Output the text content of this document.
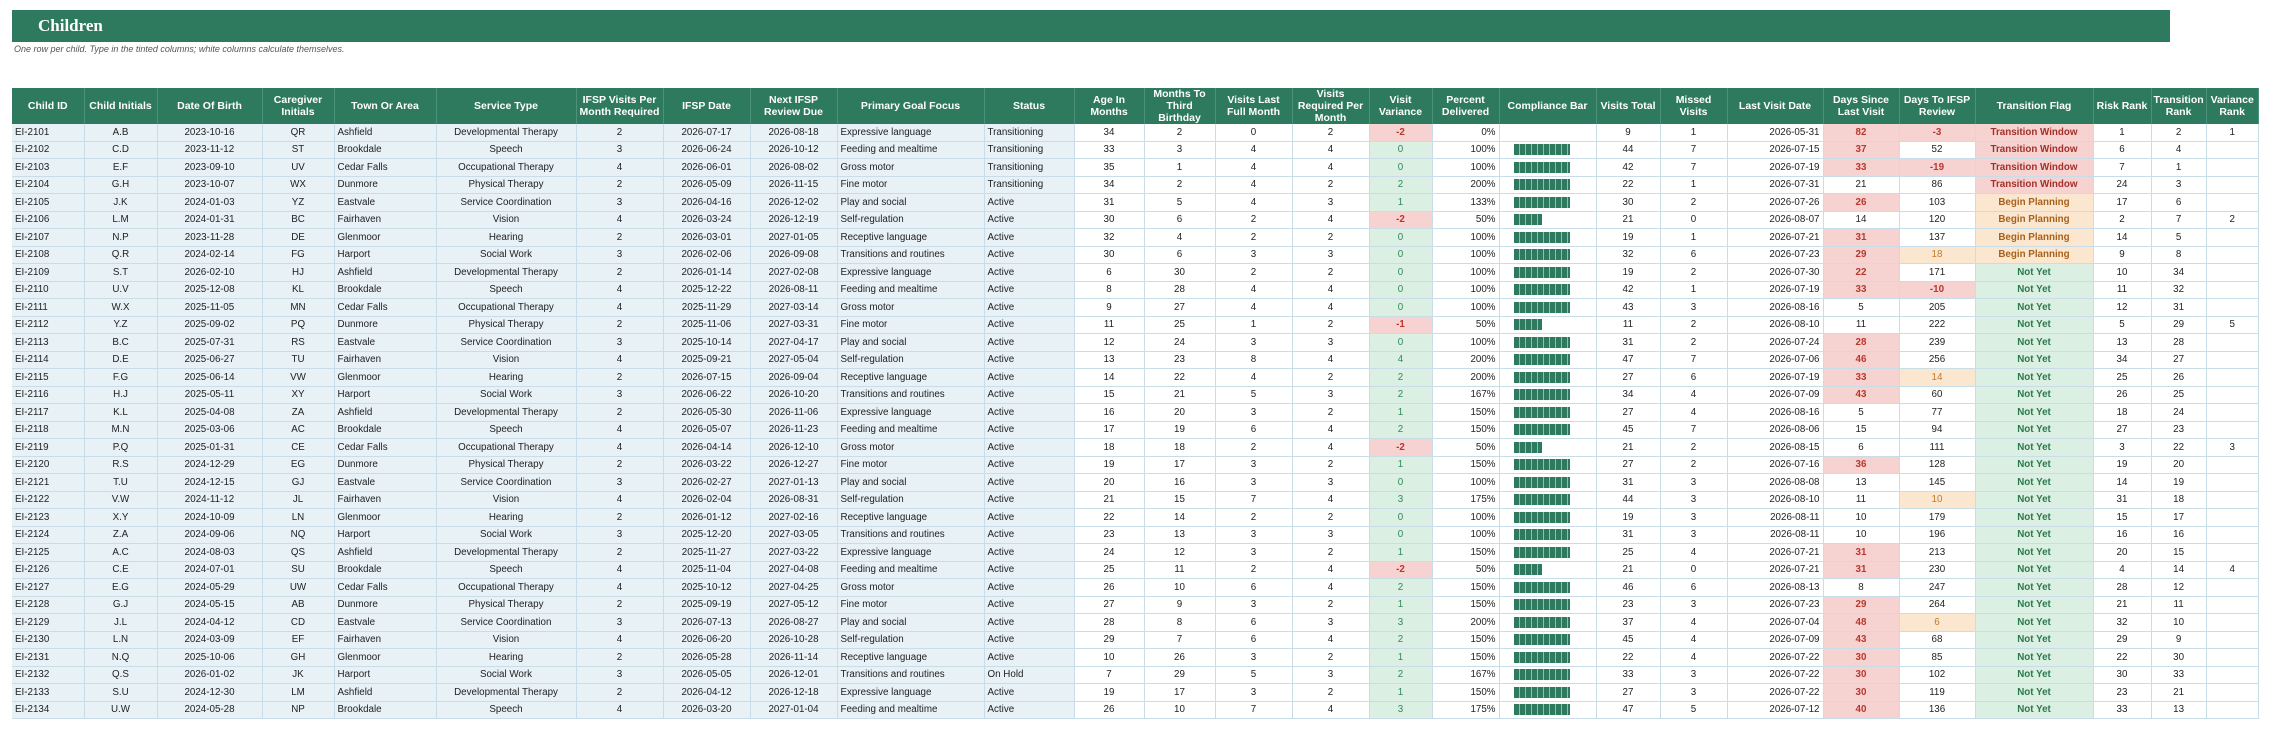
Children
One row per child. Type in the tinted columns; white columns calculate themselves.
Child ID	Child Initials	Date Of Birth	Caregiver Initials	Town Or Area	Service Type	IFSP Visits Per Month Required	IFSP Date	Next IFSP Review Due	Primary Goal Focus	Status	Age In Months	Months To Third Birthday	Visits Last Full Month	Visits Required Per Month	Visit Variance	Percent Delivered	Compliance Bar	Visits Total	Missed Visits	Last Visit Date	Days Since Last Visit	Days To IFSP Review	Transition Flag	Risk Rank	Transition Rank	Variance Rank
EI-2101	A.B	2023-10-16	QR	Ashfield	Developmental Therapy	2	2026-07-17	2026-08-18	Expressive language	Transitioning	34	2	0	2	-2	0%		9	1	2026-05-31	82	-3	Transition Window	1	2	1
EI-2102	C.D	2023-11-12	ST	Brookdale	Speech	3	2026-06-24	2026-10-12	Feeding and mealtime	Transitioning	33	3	4	4	0	100%		44	7	2026-07-15	37	52	Transition Window	6	4	
EI-2103	E.F	2023-09-10	UV	Cedar Falls	Occupational Therapy	4	2026-06-01	2026-08-02	Gross motor	Transitioning	35	1	4	4	0	100%		42	7	2026-07-19	33	-19	Transition Window	7	1	
EI-2104	G.H	2023-10-07	WX	Dunmore	Physical Therapy	2	2026-05-09	2026-11-15	Fine motor	Transitioning	34	2	4	2	2	200%		22	1	2026-07-31	21	86	Transition Window	24	3	
EI-2105	J.K	2024-01-03	YZ	Eastvale	Service Coordination	3	2026-04-16	2026-12-02	Play and social	Active	31	5	4	3	1	133%		30	2	2026-07-26	26	103	Begin Planning	17	6	
EI-2106	L.M	2024-01-31	BC	Fairhaven	Vision	4	2026-03-24	2026-12-19	Self-regulation	Active	30	6	2	4	-2	50%		21	0	2026-08-07	14	120	Begin Planning	2	7	2
EI-2107	N.P	2023-11-28	DE	Glenmoor	Hearing	2	2026-03-01	2027-01-05	Receptive language	Active	32	4	2	2	0	100%		19	1	2026-07-21	31	137	Begin Planning	14	5	
EI-2108	Q.R	2024-02-14	FG	Harport	Social Work	3	2026-02-06	2026-09-08	Transitions and routines	Active	30	6	3	3	0	100%		32	6	2026-07-23	29	18	Begin Planning	9	8	
EI-2109	S.T	2026-02-10	HJ	Ashfield	Developmental Therapy	2	2026-01-14	2027-02-08	Expressive language	Active	6	30	2	2	0	100%		19	2	2026-07-30	22	171	Not Yet	10	34	
EI-2110	U.V	2025-12-08	KL	Brookdale	Speech	4	2025-12-22	2026-08-11	Feeding and mealtime	Active	8	28	4	4	0	100%		42	1	2026-07-19	33	-10	Not Yet	11	32	
EI-2111	W.X	2025-11-05	MN	Cedar Falls	Occupational Therapy	4	2025-11-29	2027-03-14	Gross motor	Active	9	27	4	4	0	100%		43	3	2026-08-16	5	205	Not Yet	12	31	
EI-2112	Y.Z	2025-09-02	PQ	Dunmore	Physical Therapy	2	2025-11-06	2027-03-31	Fine motor	Active	11	25	1	2	-1	50%		11	2	2026-08-10	11	222	Not Yet	5	29	5
EI-2113	B.C	2025-07-31	RS	Eastvale	Service Coordination	3	2025-10-14	2027-04-17	Play and social	Active	12	24	3	3	0	100%		31	2	2026-07-24	28	239	Not Yet	13	28	
EI-2114	D.E	2025-06-27	TU	Fairhaven	Vision	4	2025-09-21	2027-05-04	Self-regulation	Active	13	23	8	4	4	200%		47	7	2026-07-06	46	256	Not Yet	34	27	
EI-2115	F.G	2025-06-14	VW	Glenmoor	Hearing	2	2026-07-15	2026-09-04	Receptive language	Active	14	22	4	2	2	200%		27	6	2026-07-19	33	14	Not Yet	25	26	
EI-2116	H.J	2025-05-11	XY	Harport	Social Work	3	2026-06-22	2026-10-20	Transitions and routines	Active	15	21	5	3	2	167%		34	4	2026-07-09	43	60	Not Yet	26	25	
EI-2117	K.L	2025-04-08	ZA	Ashfield	Developmental Therapy	2	2026-05-30	2026-11-06	Expressive language	Active	16	20	3	2	1	150%		27	4	2026-08-16	5	77	Not Yet	18	24	
EI-2118	M.N	2025-03-06	AC	Brookdale	Speech	4	2026-05-07	2026-11-23	Feeding and mealtime	Active	17	19	6	4	2	150%		45	7	2026-08-06	15	94	Not Yet	27	23	
EI-2119	P.Q	2025-01-31	CE	Cedar Falls	Occupational Therapy	4	2026-04-14	2026-12-10	Gross motor	Active	18	18	2	4	-2	50%		21	2	2026-08-15	6	111	Not Yet	3	22	3
EI-2120	R.S	2024-12-29	EG	Dunmore	Physical Therapy	2	2026-03-22	2026-12-27	Fine motor	Active	19	17	3	2	1	150%		27	2	2026-07-16	36	128	Not Yet	19	20	
EI-2121	T.U	2024-12-15	GJ	Eastvale	Service Coordination	3	2026-02-27	2027-01-13	Play and social	Active	20	16	3	3	0	100%		31	3	2026-08-08	13	145	Not Yet	14	19	
EI-2122	V.W	2024-11-12	JL	Fairhaven	Vision	4	2026-02-04	2026-08-31	Self-regulation	Active	21	15	7	4	3	175%		44	3	2026-08-10	11	10	Not Yet	31	18	
EI-2123	X.Y	2024-10-09	LN	Glenmoor	Hearing	2	2026-01-12	2027-02-16	Receptive language	Active	22	14	2	2	0	100%		19	3	2026-08-11	10	179	Not Yet	15	17	
EI-2124	Z.A	2024-09-06	NQ	Harport	Social Work	3	2025-12-20	2027-03-05	Transitions and routines	Active	23	13	3	3	0	100%		31	3	2026-08-11	10	196	Not Yet	16	16	
EI-2125	A.C	2024-08-03	QS	Ashfield	Developmental Therapy	2	2025-11-27	2027-03-22	Expressive language	Active	24	12	3	2	1	150%		25	4	2026-07-21	31	213	Not Yet	20	15	
EI-2126	C.E	2024-07-01	SU	Brookdale	Speech	4	2025-11-04	2027-04-08	Feeding and mealtime	Active	25	11	2	4	-2	50%		21	0	2026-07-21	31	230	Not Yet	4	14	4
EI-2127	E.G	2024-05-29	UW	Cedar Falls	Occupational Therapy	4	2025-10-12	2027-04-25	Gross motor	Active	26	10	6	4	2	150%		46	6	2026-08-13	8	247	Not Yet	28	12	
EI-2128	G.J	2024-05-15	AB	Dunmore	Physical Therapy	2	2025-09-19	2027-05-12	Fine motor	Active	27	9	3	2	1	150%		23	3	2026-07-23	29	264	Not Yet	21	11	
EI-2129	J.L	2024-04-12	CD	Eastvale	Service Coordination	3	2026-07-13	2026-08-27	Play and social	Active	28	8	6	3	3	200%		37	4	2026-07-04	48	6	Not Yet	32	10	
EI-2130	L.N	2024-03-09	EF	Fairhaven	Vision	4	2026-06-20	2026-10-28	Self-regulation	Active	29	7	6	4	2	150%		45	4	2026-07-09	43	68	Not Yet	29	9	
EI-2131	N.Q	2025-10-06	GH	Glenmoor	Hearing	2	2026-05-28	2026-11-14	Receptive language	Active	10	26	3	2	1	150%		22	4	2026-07-22	30	85	Not Yet	22	30	
EI-2132	Q.S	2026-01-02	JK	Harport	Social Work	3	2026-05-05	2026-12-01	Transitions and routines	On Hold	7	29	5	3	2	167%		33	3	2026-07-22	30	102	Not Yet	30	33	
EI-2133	S.U	2024-12-30	LM	Ashfield	Developmental Therapy	2	2026-04-12	2026-12-18	Expressive language	Active	19	17	3	2	1	150%		27	3	2026-07-22	30	119	Not Yet	23	21	
EI-2134	U.W	2024-05-28	NP	Brookdale	Speech	4	2026-03-20	2027-01-04	Feeding and mealtime	Active	26	10	7	4	3	175%		47	5	2026-07-12	40	136	Not Yet	33	13	
